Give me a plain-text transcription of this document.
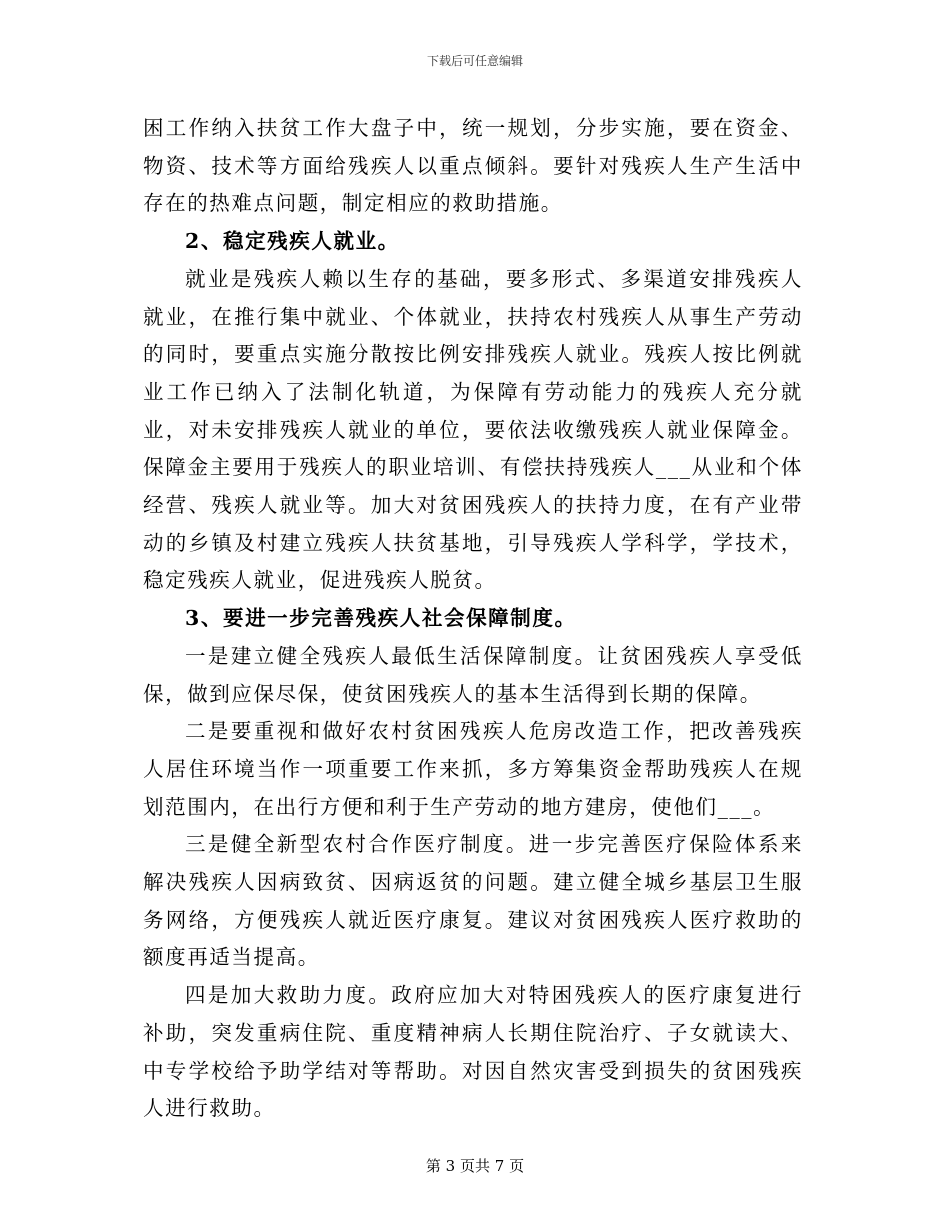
下载后可任意编辑

困工作纳入扶贫工作大盘子中，统一规划，分步实施，要在资金、物资、技术等方面给残疾人以重点倾斜。要针对残疾人生产生活中存在的热难点问题，制定相应的救助措施。

2、稳定残疾人就业。

就业是残疾人赖以生存的基础，要多形式、多渠道安排残疾人就业，在推行集中就业、个体就业，扶持农村残疾人从事生产劳动的同时，要重点实施分散按比例安排残疾人就业。残疾人按比例就业工作已纳入了法制化轨道，为保障有劳动能力的残疾人充分就业，对未安排残疾人就业的单位，要依法收缴残疾人就业保障金。保障金主要用于残疾人的职业培训、有偿扶持残疾人___从业和个体经营、残疾人就业等。加大对贫困残疾人的扶持力度，在有产业带动的乡镇及村建立残疾人扶贫基地，引导残疾人学科学，学技术，稳定残疾人就业，促进残疾人脱贫。

3、要进一步完善残疾人社会保障制度。

一是建立健全残疾人最低生活保障制度。让贫困残疾人享受低保，做到应保尽保，使贫困残疾人的基本生活得到长期的保障。

二是要重视和做好农村贫困残疾人危房改造工作，把改善残疾人居住环境当作一项重要工作来抓，多方筹集资金帮助残疾人在规划范围内，在出行方便和利于生产劳动的地方建房，使他们___。

三是健全新型农村合作医疗制度。进一步完善医疗保险体系来解决残疾人因病致贫、因病返贫的问题。建立健全城乡基层卫生服务网络，方便残疾人就近医疗康复。建议对贫困残疾人医疗救助的额度再适当提高。

四是加大救助力度。政府应加大对特困残疾人的医疗康复进行补助，突发重病住院、重度精神病人长期住院治疗、子女就读大、中专学校给予助学结对等帮助。对因自然灾害受到损失的贫困残疾人进行救助。

第 3 页共 7 页
